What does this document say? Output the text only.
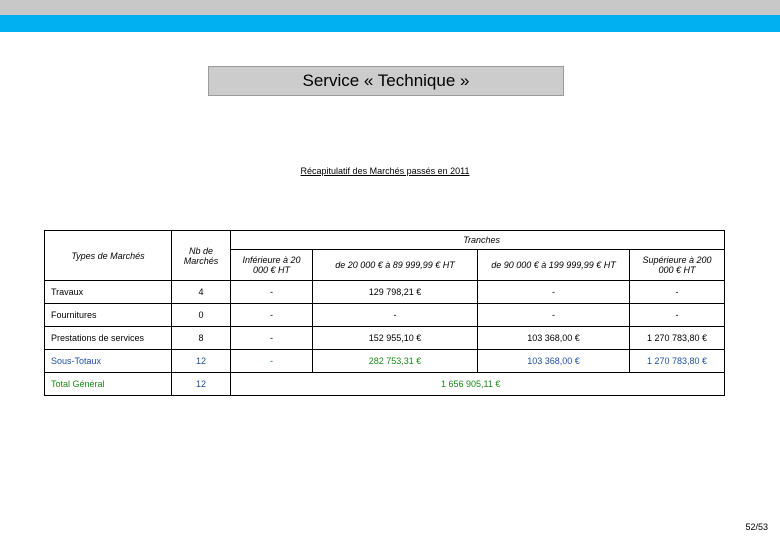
Service « Technique »
Récapitulatif des Marchés passés en 2011
Types de Marchés	Nb de Marchés	Tranches			
		Inférieure à 20 000 € HT	de 20 000 € à 89 999,99 € HT	de 90 000 € à 199 999,99 € HT	Supérieure à 200 000 € HT
Travaux	4	-	129 798,21 €	-	-
Fournitures	0	-	-	-	-
Prestations de services	8	-	152 955,10 €	103 368,00 €	1 270 783,80 €
Sous-Totaux	12	-	282 753,31 €	103 368,00 €	1 270 783,80 €
Total Général	12	1 656 905,11 €			
52/53
